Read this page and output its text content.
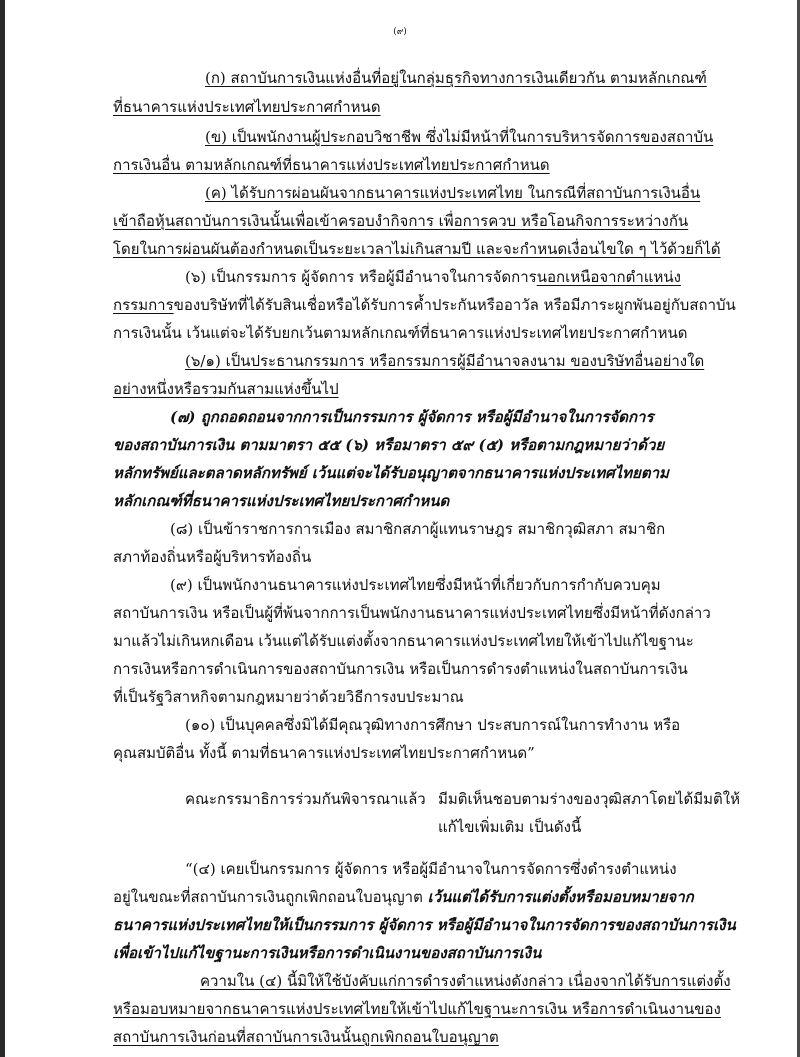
(๙)
(ก) สถาบันการเงินแห่งอื่นที่อยู่ในกลุ่มธุรกิจทางการเงินเดียวกัน ตามหลักเกณฑ์
ที่ธนาคารแห่งประเทศไทยประกาศกำหนด
(ข) เป็นพนักงานผู้ประกอบวิชาชีพ ซึ่งไม่มีหน้าที่ในการบริหารจัดการของสถาบัน
การเงินอื่น ตามหลักเกณฑ์ที่ธนาคารแห่งประเทศไทยประกาศกำหนด
(ค) ได้รับการผ่อนผันจากธนาคารแห่งประเทศไทย ในกรณีที่สถาบันการเงินอื่น
เข้าถือหุ้นสถาบันการเงินนั้นเพื่อเข้าครอบงำกิจการ เพื่อการควบ หรือโอนกิจการระหว่างกัน
โดยในการผ่อนผันต้องกำหนดเป็นระยะเวลาไม่เกินสามปี และจะกำหนดเงื่อนไขใด ๆ ไว้ด้วยก็ได้
(๖) เป็นกรรมการ ผู้จัดการ หรือผู้มีอำนาจในการจัดการนอกเหนือจากตำแหน่ง
กรรมการของบริษัทที่ได้รับสินเชื่อหรือได้รับการค้ำประกันหรืออาวัล หรือมีภาระผูกพันอยู่กับสถาบัน
การเงินนั้น เว้นแต่จะได้รับยกเว้นตามหลักเกณฑ์ที่ธนาคารแห่งประเทศไทยประกาศกำหนด
(๖/๑) เป็นประธานกรรมการ หรือกรรมการผู้มีอำนาจลงนาม ของบริษัทอื่นอย่างใด
อย่างหนึ่งหรือรวมกันสามแห่งขึ้นไป
(๗) ถูกถอดถอนจากการเป็นกรรมการ ผู้จัดการ หรือผู้มีอำนาจในการจัดการ
ของสถาบันการเงิน ตามมาตรา ๕๕ (๖) หรือมาตรา ๕๙ (๕) หรือตามกฎหมายว่าด้วย
หลักทรัพย์และตลาดหลักทรัพย์ เว้นแต่จะได้รับอนุญาตจากธนาคารแห่งประเทศไทยตาม
หลักเกณฑ์ที่ธนาคารแห่งประเทศไทยประกาศกำหนด
(๘) เป็นข้าราชการการเมือง สมาชิกสภาผู้แทนราษฎร สมาชิกวุฒิสภา สมาชิก
สภาท้องถิ่นหรือผู้บริหารท้องถิ่น
(๙) เป็นพนักงานธนาคารแห่งประเทศไทยซึ่งมีหน้าที่เกี่ยวกับการกำกับควบคุม
สถาบันการเงิน หรือเป็นผู้ที่พ้นจากการเป็นพนักงานธนาคารแห่งประเทศไทยซึ่งมีหน้าที่ดังกล่าว
มาแล้วไม่เกินหกเดือน เว้นแต่ได้รับแต่งตั้งจากธนาคารแห่งประเทศไทยให้เข้าไปแก้ไขฐานะ
การเงินหรือการดำเนินการของสถาบันการเงิน หรือเป็นการดำรงตำแหน่งในสถาบันการเงิน
ที่เป็นรัฐวิสาหกิจตามกฎหมายว่าด้วยวิธีการงบประมาณ
(๑๐) เป็นบุคคลซึ่งมิได้มีคุณวุฒิทางการศึกษา ประสบการณ์ในการทำงาน หรือ
คุณสมบัติอื่น ทั้งนี้ ตามที่ธนาคารแห่งประเทศไทยประกาศกำหนด”
คณะกรรมาธิการร่วมกันพิจารณาแล้ว มีมติเห็นชอบตามร่างของวุฒิสภาโดยได้มีมติให้
แก้ไขเพิ่มเติม เป็นดังนี้
“(๔) เคยเป็นกรรมการ ผู้จัดการ หรือผู้มีอำนาจในการจัดการซึ่งดำรงตำแหน่ง
อยู่ในขณะที่สถาบันการเงินถูกเพิกถอนใบอนุญาต เว้นแต่ได้รับการแต่งตั้งหรือมอบหมายจาก
ธนาคารแห่งประเทศไทยให้เป็นกรรมการ ผู้จัดการ หรือผู้มีอำนาจในการจัดการของสถาบันการเงิน
เพื่อเข้าไปแก้ไขฐานะการเงินหรือการดำเนินงานของสถาบันการเงิน
ความใน (๔) นี้มิให้ใช้บังคับแก่การดำรงตำแหน่งดังกล่าว เนื่องจากได้รับการแต่งตั้ง
หรือมอบหมายจากธนาคารแห่งประเทศไทยให้เข้าไปแก้ไขฐานะการเงิน หรือการดำเนินงานของ
สถาบันการเงินก่อนที่สถาบันการเงินนั้นถูกเพิกถอนใบอนุญาต
